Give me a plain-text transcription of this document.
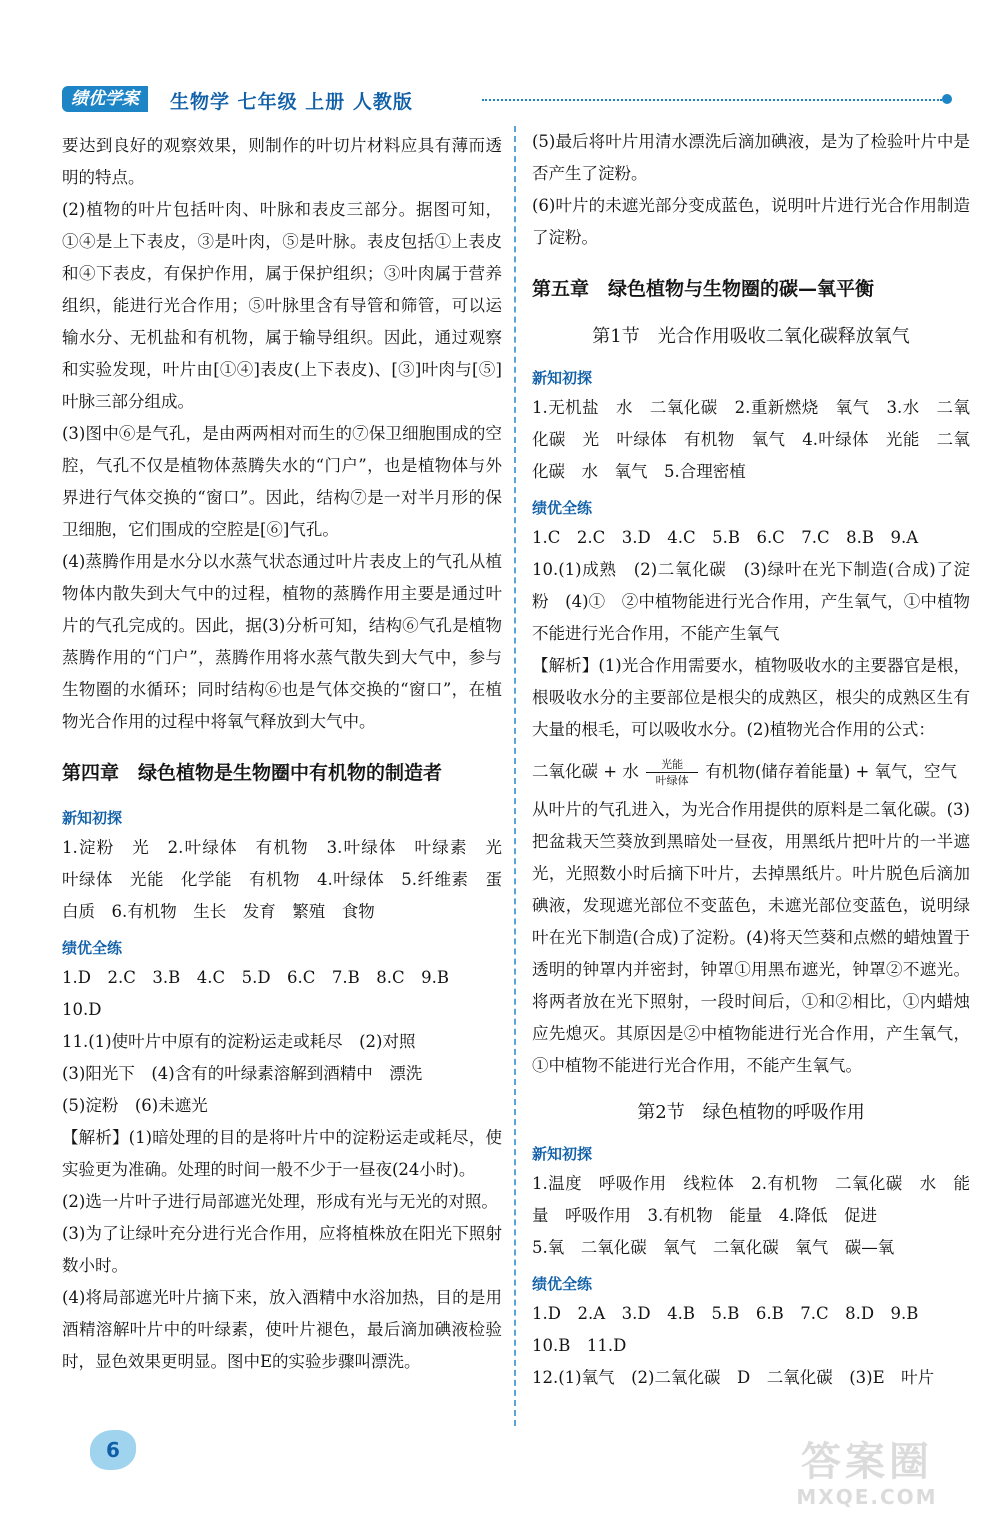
绩优学案	生物学 七年级 上册 人教版

要达到良好的观察效果，则制作的叶切片材料应具有薄而透明的特点。

(2)植物的叶片包括叶肉、叶脉和表皮三部分。据图可知，①④是上下表皮，③是叶肉，⑤是叶脉。表皮包括①上表皮和④下表皮，有保护作用，属于保护组织；③叶肉属于营养组织，能进行光合作用；⑤叶脉里含有导管和筛管，可以运输水分、无机盐和有机物，属于输导组织。因此，通过观察和实验发现，叶片由[①④]表皮(上下表皮)、[③]叶肉与[⑤]叶脉三部分组成。

(3)图中⑥是气孔，是由两两相对而生的⑦保卫细胞围成的空腔，气孔不仅是植物体蒸腾失水的“门户”，也是植物体与外界进行气体交换的“窗口”。因此，结构⑦是一对半月形的保卫细胞，它们围成的空腔是[⑥]气孔。

(4)蒸腾作用是水分以水蒸气状态通过叶片表皮上的气孔从植物体内散失到大气中的过程，植物的蒸腾作用主要是通过叶片的气孔完成的。因此，据(3)分析可知，结构⑥气孔是植物蒸腾作用的“门户”，蒸腾作用将水蒸气散失到大气中，参与生物圈的水循环；同时结构⑥也是气体交换的“窗口”，在植物光合作用的过程中将氧气释放到大气中。

第四章　绿色植物是生物圈中有机物的制造者
新知初探

1.淀粉　光　2.叶绿体　有机物　3.叶绿体　叶绿素　光　叶绿体　光能　化学能　有机物　4.叶绿体　5.纤维素　蛋白质　6.有机物　生长　发育　繁殖　食物

绩优全练

1.D　2.C　3.B　4.C　5.D　6.C　7.B　8.C　9.B

10.D

11.(1)使叶片中原有的淀粉运走或耗尽　(2)对照

(3)阳光下　(4)含有的叶绿素溶解到酒精中　漂洗

(5)淀粉　(6)未遮光

【解析】(1)暗处理的目的是将叶片中的淀粉运走或耗尽，使实验更为准确。处理的时间一般不少于一昼夜(24小时)。

(2)选一片叶子进行局部遮光处理，形成有光与无光的对照。

(3)为了让绿叶充分进行光合作用，应将植株放在阳光下照射数小时。

(4)将局部遮光叶片摘下来，放入酒精中水浴加热，目的是用酒精溶解叶片中的叶绿素，使叶片褪色，最后滴加碘液检验时，显色效果更明显。图中E的实验步骤叫漂洗。

(5)最后将叶片用清水漂洗后滴加碘液，是为了检验叶片中是否产生了淀粉。

(6)叶片的未遮光部分变成蓝色，说明叶片进行光合作用制造了淀粉。

第五章　绿色植物与生物圈的碳—氧平衡
第1节　光合作用吸收二氧化碳释放氧气
新知初探

1.无机盐　水　二氧化碳　2.重新燃烧　氧气　3.水　二氧化碳　光　叶绿体　有机物　氧气　4.叶绿体　光能　二氧化碳　水　氧气　5.合理密植

绩优全练

1.C　2.C　3.D　4.C　5.B　6.C　7.C　8.B　9.A

10.(1)成熟　(2)二氧化碳　(3)绿叶在光下制造(合成)了淀粉　(4)①　②中植物能进行光合作用，产生氧气，①中植物不能进行光合作用，不能产生氧气

【解析】(1)光合作用需要水，植物吸收水的主要器官是根，根吸收水分的主要部位是根尖的成熟区，根尖的成熟区生有大量的根毛，可以吸收水分。(2)植物光合作用的公式：

二氧化碳 + 水 光能
叶绿体 有机物(储存着能量) + 氧气，空气

从叶片的气孔进入，为光合作用提供的原料是二氧化碳。(3)把盆栽天竺葵放到黑暗处一昼夜，用黑纸片把叶片的一半遮光，光照数小时后摘下叶片，去掉黑纸片。叶片脱色后滴加碘液，发现遮光部位不变蓝色，未遮光部位变蓝色，说明绿叶在光下制造(合成)了淀粉。(4)将天竺葵和点燃的蜡烛置于透明的钟罩内并密封，钟罩①用黑布遮光，钟罩②不遮光。将两者放在光下照射，一段时间后，①和②相比，①内蜡烛应先熄灭。其原因是②中植物能进行光合作用，产生氧气，①中植物不能进行光合作用，不能产生氧气。

第2节　绿色植物的呼吸作用
新知初探

1.温度　呼吸作用　线粒体　2.有机物　二氧化碳　水　能量　呼吸作用　3.有机物　能量　4.降低　促进

5.氧　二氧化碳　氧气　二氧化碳　氧气　碳—氧

绩优全练

1.D　2.A　3.D　4.B　5.B　6.B　7.C　8.D　9.B

10.B　11.D

12.(1)氧气　(2)二氧化碳　D　二氧化碳　(3)E　叶片

6	答案圈
MXQE.COM
